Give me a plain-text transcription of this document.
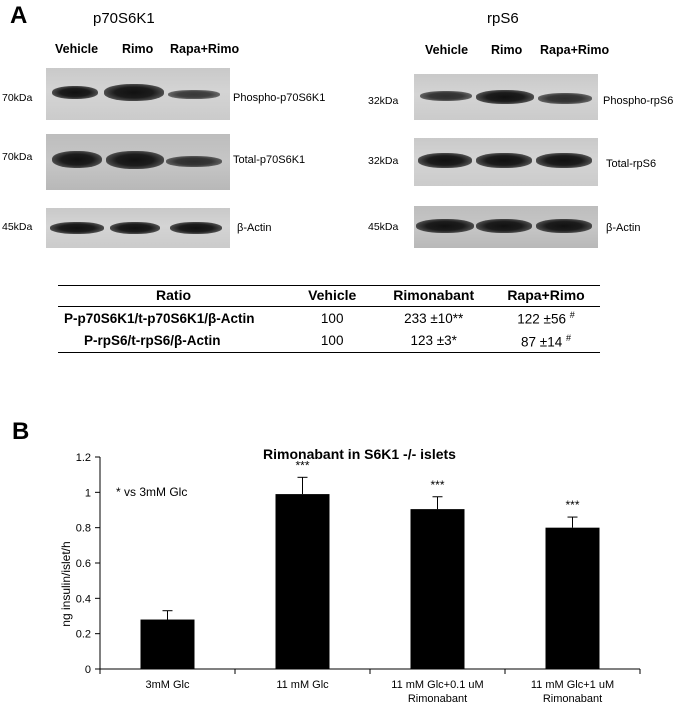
A	p70S6K1
Vehicle Rimo Rapa+Rimo
70kDa	Phospho-p70S6K1
70kDa	Total-p70S6K1
45kDa	β-Actin
rpS6
Vehicle Rimo Rapa+Rimo
32kDa	Phospho-rpS6
32kDa	Total-rpS6
45kDa	β-Actin
Ratio	Vehicle	Rimonabant	Rapa+Rimo
P-p70S6K1/t-p70S6K1/β-Actin	100	233 ±10**	122 ±56 #
P-rpS6/t-rpS6/β-Actin	100	123 ±3*	87 ±14 #
B
Rimonabant in S6K1 -/- islets
ng insulin/islet/h
* vs 3mM Glc
0
0.2
0.4
0.6
0.8
1
1.2
3mM Glc	11 mM Glc	11 mM Glc+0.1 uM
Rimonabant
11 mM Glc+1 uM
Rimonabant
***
***
***
